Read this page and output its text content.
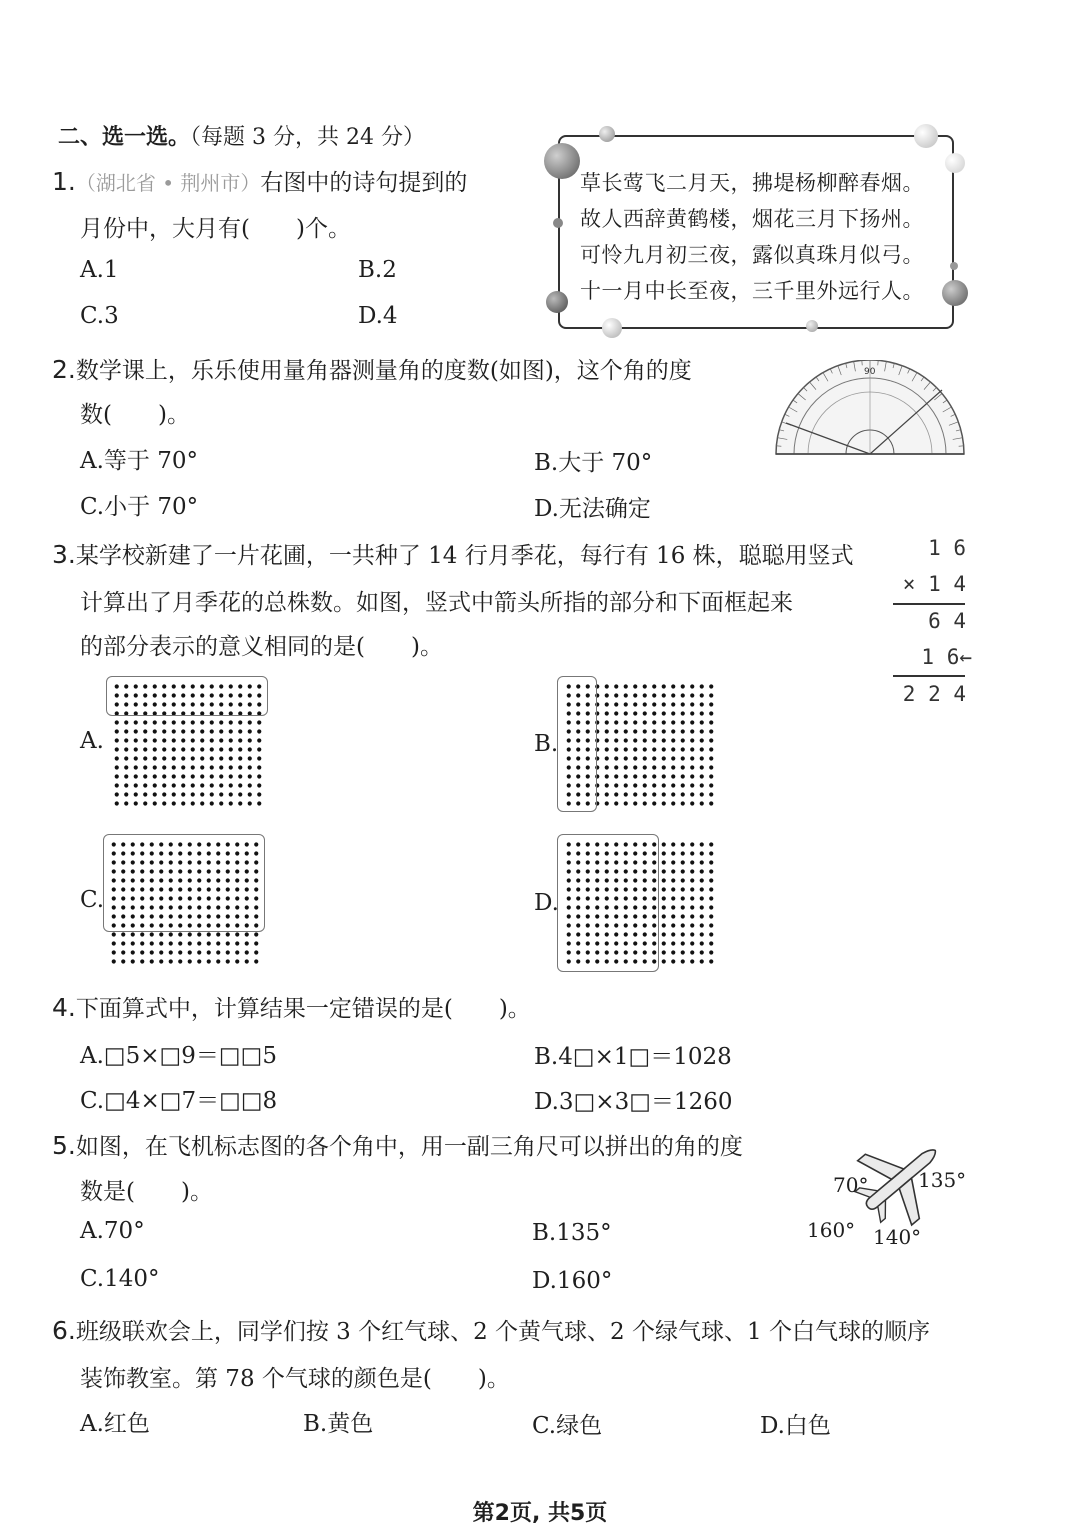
二、选一选。（每题 3 分，共 24 分）
1.（湖北省 • 荆州市）右图中的诗句提到的
月份中，大月有(　　)个。
A.1	B.2
C.3	D.4
草长莺飞二月天，拂堤杨柳醉春烟。
故人西辞黄鹤楼，烟花三月下扬州。
可怜九月初三夜，露似真珠月似弓。
十一月中长至夜，三千里外远行人。
2.数学课上，乐乐使用量角器测量角的度数(如图)，这个角的度
数(　　)。
A.等于 70°	B.大于 70°
C.小于 70°	D.无法确定
90
3.某学校新建了一片花圃，一共种了 14 行月季花，每行有 16 株，聪聪用竖式
计算出了月季花的总株数。如图，竖式中箭头所指的部分和下面框起来
的部分表示的意义相同的是(　　)。
1 6
× 1 4
6 4
1 6←
2 2 4
A.	B.
C.	D.
4.下面算式中，计算结果一定错误的是(　　)。
A.□5×□9＝□□5	B.4□×1□＝1028
C.□4×□7＝□□8	D.3□×3□＝1260
5.如图，在飞机标志图的各个角中，用一副三角尺可以拼出的角的度
数是(　　)。
A.70°	B.135°
C.140°	D.160°
70° 135°
160° 140°
6.班级联欢会上，同学们按 3 个红气球、2 个黄气球、2 个绿气球、1 个白气球的顺序
装饰教室。第 78 个气球的颜色是(　　)。
A.红色	B.黄色	C.绿色	D.白色
第2页, 共5页
